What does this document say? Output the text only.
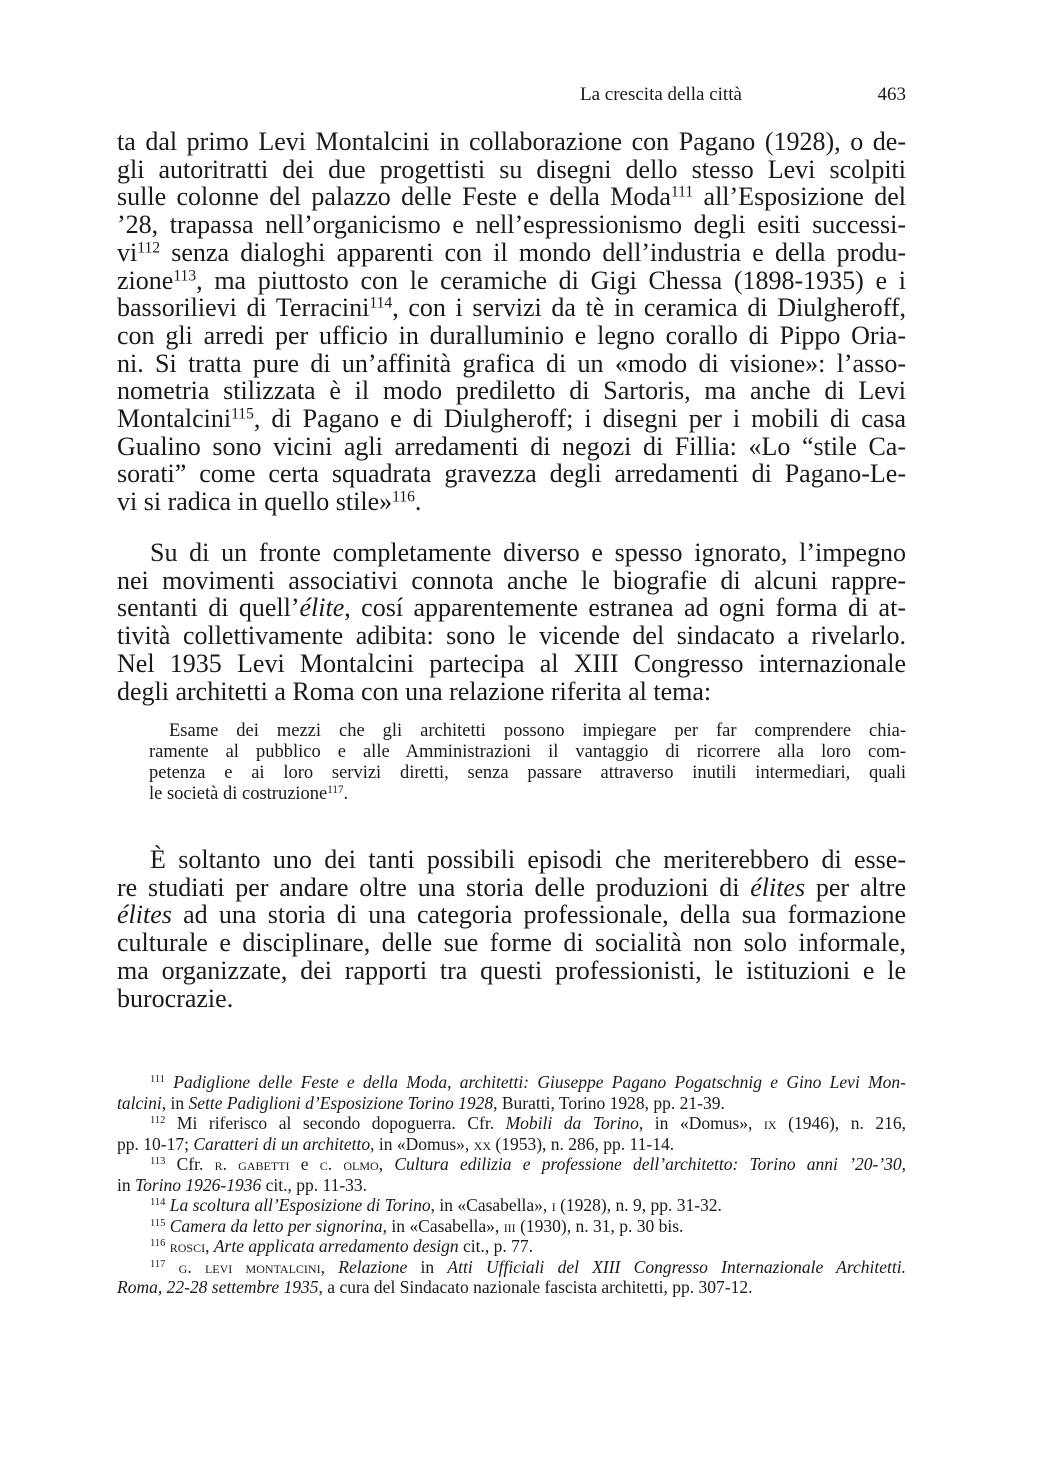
La crescita della città	463
ta dal primo Levi Montalcini in collaborazione con Pagano (1928), o de-
gli autoritratti dei due progettisti su disegni dello stesso Levi scolpiti
sulle colonne del palazzo delle Feste e della Moda$^{111}$ all’Esposizione del
’28, trapassa nell’organicismo e nell’espressionismo degli esiti successi-
$vi^{112}$ senza dialoghi apparenti con il mondo dell’industria e della produ-
zione$^{113}$, ma piuttosto con le ceramiche di Gigi Chessa (1898-1935) e i
bassorilievi di Terracini$^{114}$, con i servizi da tè in ceramica di Diulgheroff,
con gli arredi per ufficio in duralluminio e legno corallo di Pippo Oria-
ni. Si tratta pure di un’affinità grafica di un «modo di visione»: l’asso-
nometria stilizzata è il modo prediletto di Sartoris, ma anche di Levi
Montalcini$^{115}$, di Pagano e di Diulgheroff; i disegni per i mobili di casa
Gualino sono vicini agli arredamenti di negozi di Fillia: «Lo “stile Ca-
sorati” come certa squadrata gravezza degli arredamenti di Pagano-Le-
vi si radica in quello stile»$^{116}$.
Su di un fronte completamente diverso e spesso ignorato, l’impegno
nei movimenti associativi connota anche le biografie di alcuni rappre-
sentanti di quell’élite, cosí apparentemente estranea ad ogni forma di at-
tività collettivamente adibita: sono le vicende del sindacato a rivelarlo.
Nel 1935 Levi Montalcini partecipa al XIII Congresso internazionale
degli architetti a Roma con una relazione riferita al tema:
Esame dei mezzi che gli architetti possono impiegare per far comprendere chia-
ramente al pubblico e alle Amministrazioni il vantaggio di ricorrere alla loro com-
petenza e ai loro servizi diretti, senza passare attraverso inutili intermediari, quali
le società di costruzione$^{117}$.
È soltanto uno dei tanti possibili episodi che meriterebbero di esse-
re studiati per andare oltre una storia delle produzioni di élites per altre
élites ad una storia di una categoria professionale, della sua formazione
culturale e disciplinare, delle sue forme di socialità non solo informale,
ma organizzate, dei rapporti tra questi professionisti, le istituzioni e le
burocrazie.
$^{111}$ Padiglione delle Feste e della Moda, architetti: Giuseppe Pagano Pogatschnig e Gino Levi Mon-
talcini, in Sette Padiglioni d’Esposizione Torino 1928, Buratti, Torino 1928, pp. 21-39.
$^{112}$ Mi riferisco al secondo dopoguerra. Cfr. Mobili da Torino, in «Domus», ix (1946), n. 216,
pp. 10-17; Caratteri di un architetto, in «Domus», xx (1953), n. 286, pp. 11-14.
$^{113}$ Cfr. r. gabetti e c. olmo, Cultura edilizia e professione dell’architetto: Torino anni ’20-’30,
in Torino 1926-1936 cit., pp. 11-33.
$^{114}$ La scoltura all’Esposizione di Torino, in «Casabella», i (1928), n. 9, pp. 31-32.
$^{115}$ Camera da letto per signorina, in «Casabella», iii (1930), n. 31, p. 30 bis.
$^{116}$ rosci, Arte applicata arredamento design cit., p. 77.
$^{117}$ g. levi montalcini, Relazione in Atti Ufficiali del XIII Congresso Internazionale Architetti.
Roma, 22-28 settembre 1935, a cura del Sindacato nazionale fascista architetti, pp. 307-12.
